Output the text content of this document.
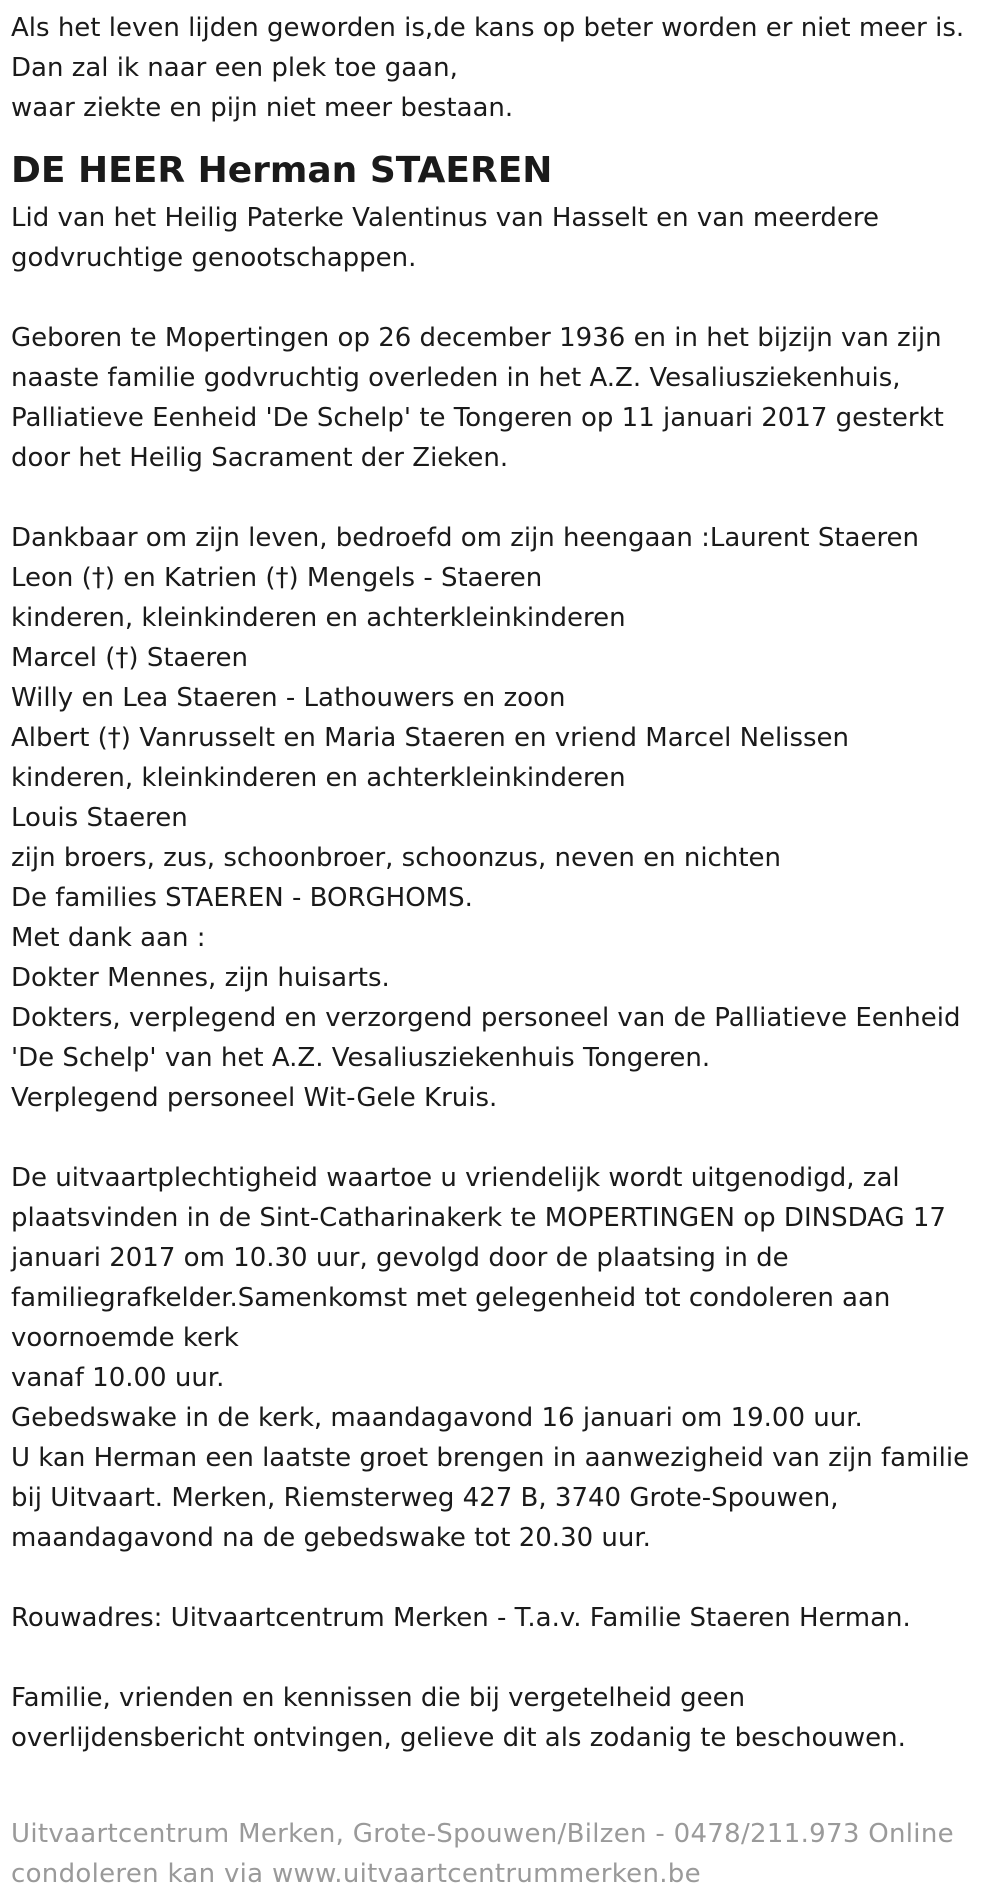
Als het leven lijden geworden is,de kans op beter worden er niet meer is.

Dan zal ik naar een plek toe gaan,

waar ziekte en pijn niet meer bestaan.

DE HEER Herman STAEREN

Lid van het Heilig Paterke Valentinus van Hasselt en van meerdere

godvruchtige genootschappen.

Geboren te Mopertingen op 26 december 1936 en in het bijzijn van zijn

naaste familie godvruchtig overleden in het A.Z. Vesaliusziekenhuis,

Palliatieve Eenheid 'De Schelp' te Tongeren op 11 januari 2017 gesterkt

door het Heilig Sacrament der Zieken.

Dankbaar om zijn leven, bedroefd om zijn heengaan :Laurent Staeren

Leon (†) en Katrien (†) Mengels - Staeren

kinderen, kleinkinderen en achterkleinkinderen

Marcel (†) Staeren

Willy en Lea Staeren - Lathouwers en zoon

Albert (†) Vanrusselt en Maria Staeren en vriend Marcel Nelissen

kinderen, kleinkinderen en achterkleinkinderen

Louis Staeren

zijn broers, zus, schoonbroer, schoonzus, neven en nichten

De families STAEREN - BORGHOMS.

Met dank aan :

Dokter Mennes, zijn huisarts.

Dokters, verplegend en verzorgend personeel van de Palliatieve Eenheid

'De Schelp' van het A.Z. Vesaliusziekenhuis Tongeren.

Verplegend personeel Wit-Gele Kruis.

De uitvaartplechtigheid waartoe u vriendelijk wordt uitgenodigd, zal

plaatsvinden in de Sint-Catharinakerk te MOPERTINGEN op DINSDAG 17

januari 2017 om 10.30 uur, gevolgd door de plaatsing in de

familiegrafkelder.Samenkomst met gelegenheid tot condoleren aan

voornoemde kerk

vanaf 10.00 uur.

Gebedswake in de kerk, maandagavond 16 januari om 19.00 uur.

U kan Herman een laatste groet brengen in aanwezigheid van zijn familie

bij Uitvaart. Merken, Riemsterweg 427 B, 3740 Grote-Spouwen,

maandagavond na de gebedswake tot 20.30 uur.

Rouwadres: Uitvaartcentrum Merken - T.a.v. Familie Staeren Herman.

Familie, vrienden en kennissen die bij vergetelheid geen

overlijdensbericht ontvingen, gelieve dit als zodanig te beschouwen.

Uitvaartcentrum Merken, Grote-Spouwen/Bilzen - 0478/211.973 Online

condoleren kan via www.uitvaartcentrummerken.be
